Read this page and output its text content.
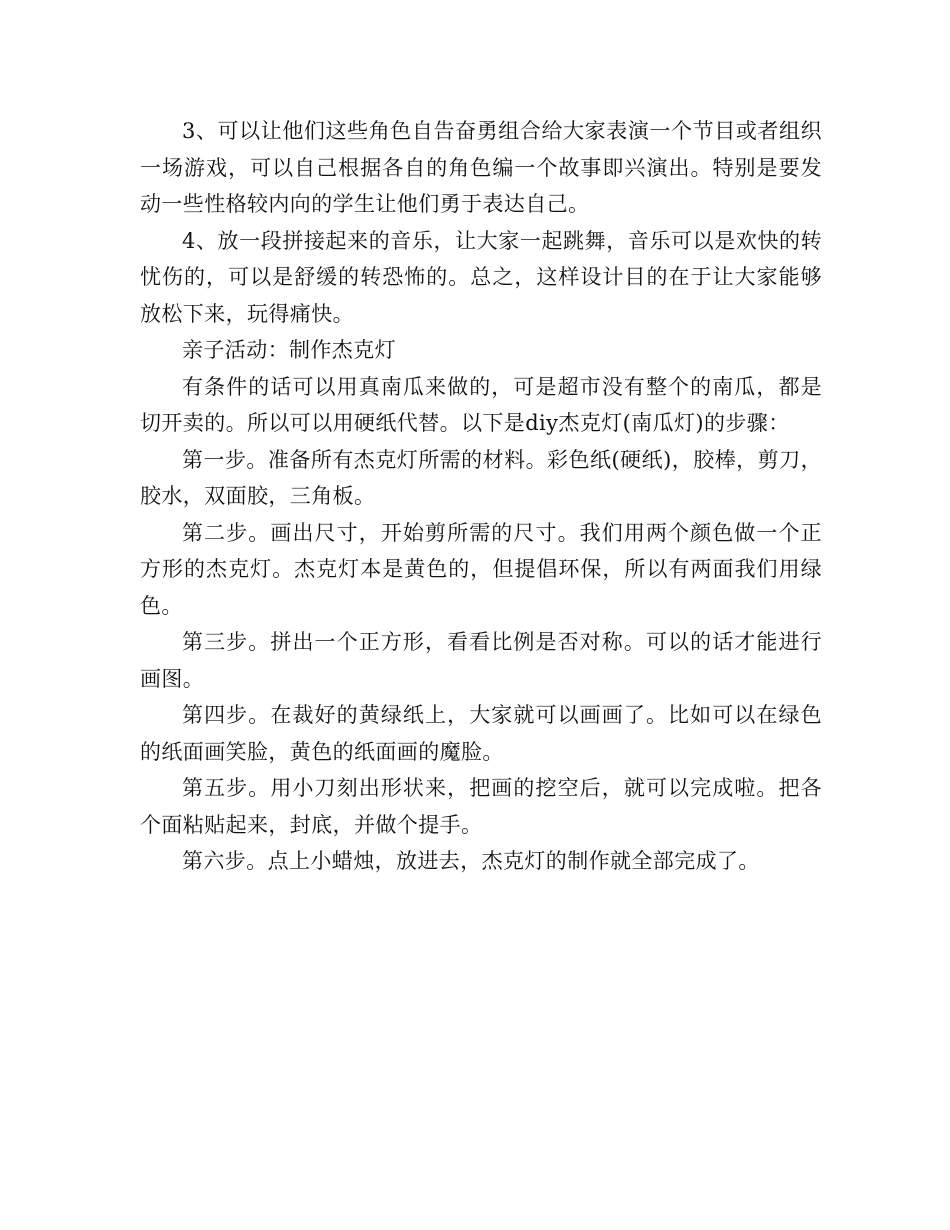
3、可以让他们这些角色自告奋勇组合给大家表演一个节目或者组织一场游戏，可以自己根据各自的角色编一个故事即兴演出。特别是要发动一些性格较内向的学生让他们勇于表达自己。

4、放一段拼接起来的音乐，让大家一起跳舞，音乐可以是欢快的转忧伤的，可以是舒缓的转恐怖的。总之，这样设计目的在于让大家能够放松下来，玩得痛快。

亲子活动：制作杰克灯

有条件的话可以用真南瓜来做的，可是超市没有整个的南瓜，都是切开卖的。所以可以用硬纸代替。以下是diy杰克灯(南瓜灯)的步骤：

第一步。准备所有杰克灯所需的材料。彩色纸(硬纸)，胶棒，剪刀，胶水，双面胶，三角板。

第二步。画出尺寸，开始剪所需的尺寸。我们用两个颜色做一个正方形的杰克灯。杰克灯本是黄色的，但提倡环保，所以有两面我们用绿色。

第三步。拼出一个正方形，看看比例是否对称。可以的话才能进行画图。

第四步。在裁好的黄绿纸上，大家就可以画画了。比如可以在绿色的纸面画笑脸，黄色的纸面画的魔脸。

第五步。用小刀刻出形状来，把画的挖空后，就可以完成啦。把各个面粘贴起来，封底，并做个提手。

第六步。点上小蜡烛，放进去，杰克灯的制作就全部完成了。
